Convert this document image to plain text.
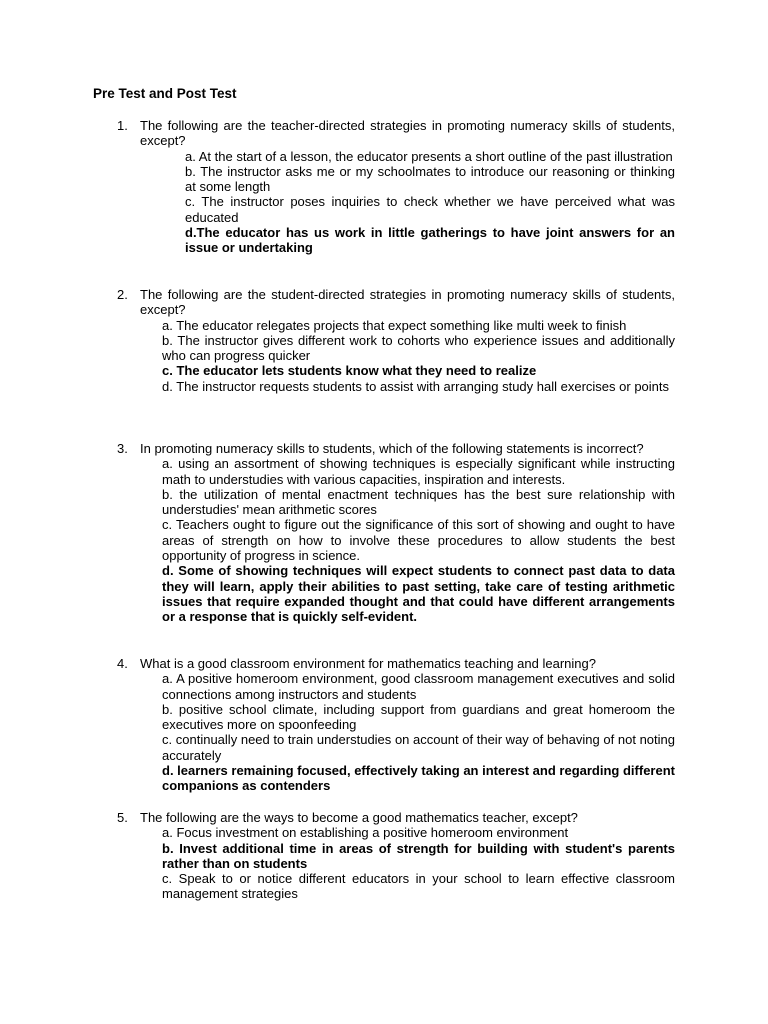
Pre Test and Post Test
1. The following are the teacher-directed strategies in promoting numeracy skills of students, except?
a. At the start of a lesson, the educator presents a short outline of the past illustration
b. The instructor asks me or my schoolmates to introduce our reasoning or thinking at some length
c. The instructor poses inquiries to check whether we have perceived what was educated
d.The educator has us work in little gatherings to have joint answers for an issue or undertaking
2. The following are the student-directed strategies in promoting numeracy skills of students, except?
a. The educator relegates projects that expect something like multi week to finish
b. The instructor gives different work to cohorts who experience issues and additionally who can progress quicker
c. The educator lets students know what they need to realize
d. The instructor requests students to assist with arranging study hall exercises or points
3. In promoting numeracy skills to students, which of the following statements is incorrect?
a. using an assortment of showing techniques is especially significant while instructing math to understudies with various capacities, inspiration and interests.
b. the utilization of mental enactment techniques has the best sure relationship with understudies' mean arithmetic scores
c. Teachers ought to figure out the significance of this sort of showing and ought to have areas of strength on how to involve these procedures to allow students the best opportunity of progress in science.
d. Some of showing techniques will expect students to connect past data to data they will learn, apply their abilities to past setting, take care of testing arithmetic issues that require expanded thought and that could have different arrangements or a response that is quickly self-evident.
4. What is a good classroom environment for mathematics teaching and learning?
a. A positive homeroom environment, good classroom management executives and solid connections among instructors and students
b. positive school climate, including support from guardians and great homeroom the executives more on spoonfeeding
c. continually need to train understudies on account of their way of behaving of not noting accurately
d. learners remaining focused, effectively taking an interest and regarding different companions as contenders
5. The following are the ways to become a good mathematics teacher, except?
a. Focus investment on establishing a positive homeroom environment
b. Invest additional time in areas of strength for building with student's parents rather than on students
c. Speak to or notice different educators in your school to learn effective classroom management strategies
